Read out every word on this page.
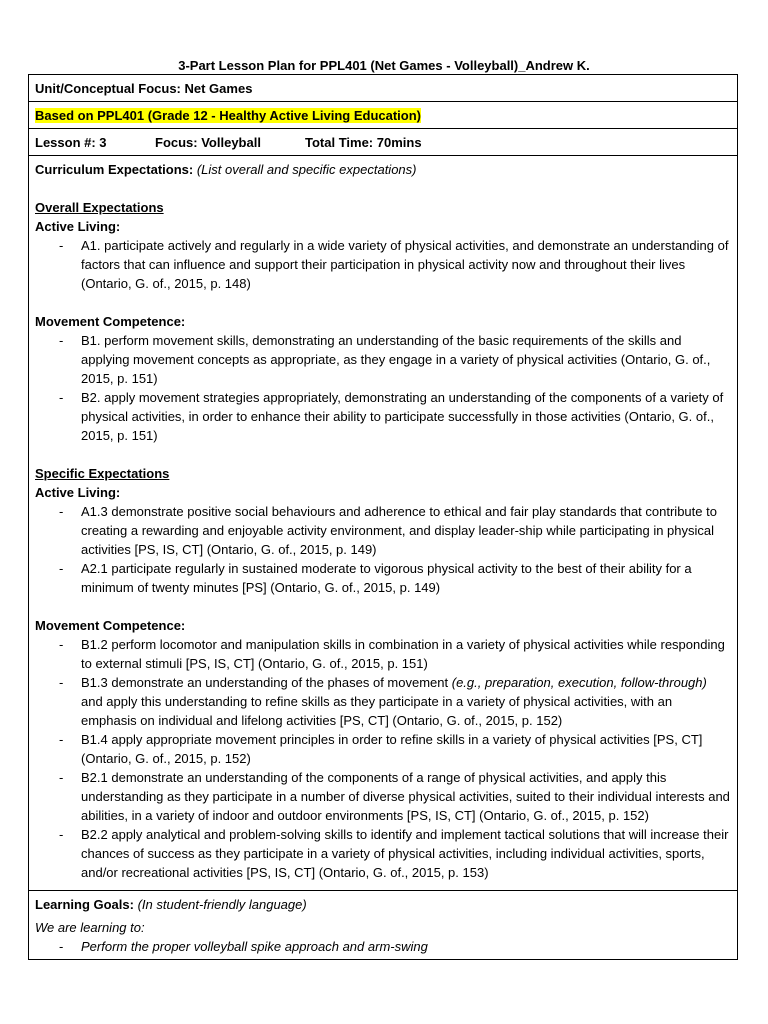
3-Part Lesson Plan for PPL401 (Net Games - Volleyball)_Andrew K.
Unit/Conceptual Focus: Net Games
Based on PPL401 (Grade 12 - Healthy Active Living Education)
Lesson #: 3	Focus: Volleyball	Total Time: 70mins
Curriculum Expectations: (List overall and specific expectations)
Overall Expectations
Active Living:
- A1. participate actively and regularly in a wide variety of physical activities, and demonstrate an understanding of factors that can influence and support their participation in physical activity now and throughout their lives (Ontario, G. of., 2015, p. 148)
Movement Competence:
- B1. perform movement skills, demonstrating an understanding of the basic requirements of the skills and applying movement concepts as appropriate, as they engage in a variety of physical activities (Ontario, G. of., 2015, p. 151)
- B2. apply movement strategies appropriately, demonstrating an understanding of the components of a variety of physical activities, in order to enhance their ability to participate successfully in those activities (Ontario, G. of., 2015, p. 151)
Specific Expectations
Active Living:
- A1.3 demonstrate positive social behaviours and adherence to ethical and fair play standards that contribute to creating a rewarding and enjoyable activity environment, and display leader-ship while participating in physical activities [PS, IS, CT] (Ontario, G. of., 2015, p. 149)
- A2.1 participate regularly in sustained moderate to vigorous physical activity to the best of their ability for a minimum of twenty minutes [PS] (Ontario, G. of., 2015, p. 149)
Movement Competence:
- B1.2 perform locomotor and manipulation skills in combination in a variety of physical activities while responding to external stimuli [PS, IS, CT] (Ontario, G. of., 2015, p. 151)
- B1.3 demonstrate an understanding of the phases of movement (e.g., preparation, execution, follow-through) and apply this understanding to refine skills as they participate in a variety of physical activities, with an emphasis on individual and lifelong activities [PS, CT] (Ontario, G. of., 2015, p. 152)
- B1.4 apply appropriate movement principles in order to refine skills in a variety of physical activities [PS, CT] (Ontario, G. of., 2015, p. 152)
- B2.1 demonstrate an understanding of the components of a range of physical activities, and apply this understanding as they participate in a number of diverse physical activities, suited to their individual interests and abilities, in a variety of indoor and outdoor environments [PS, IS, CT] (Ontario, G. of., 2015, p. 152)
- B2.2 apply analytical and problem-solving skills to identify and implement tactical solutions that will increase their chances of success as they participate in a variety of physical activities, including individual activities, sports, and/or recreational activities [PS, IS, CT] (Ontario, G. of., 2015, p. 153)
Learning Goals: (In student-friendly language)
We are learning to:
- Perform the proper volleyball spike approach and arm-swing
